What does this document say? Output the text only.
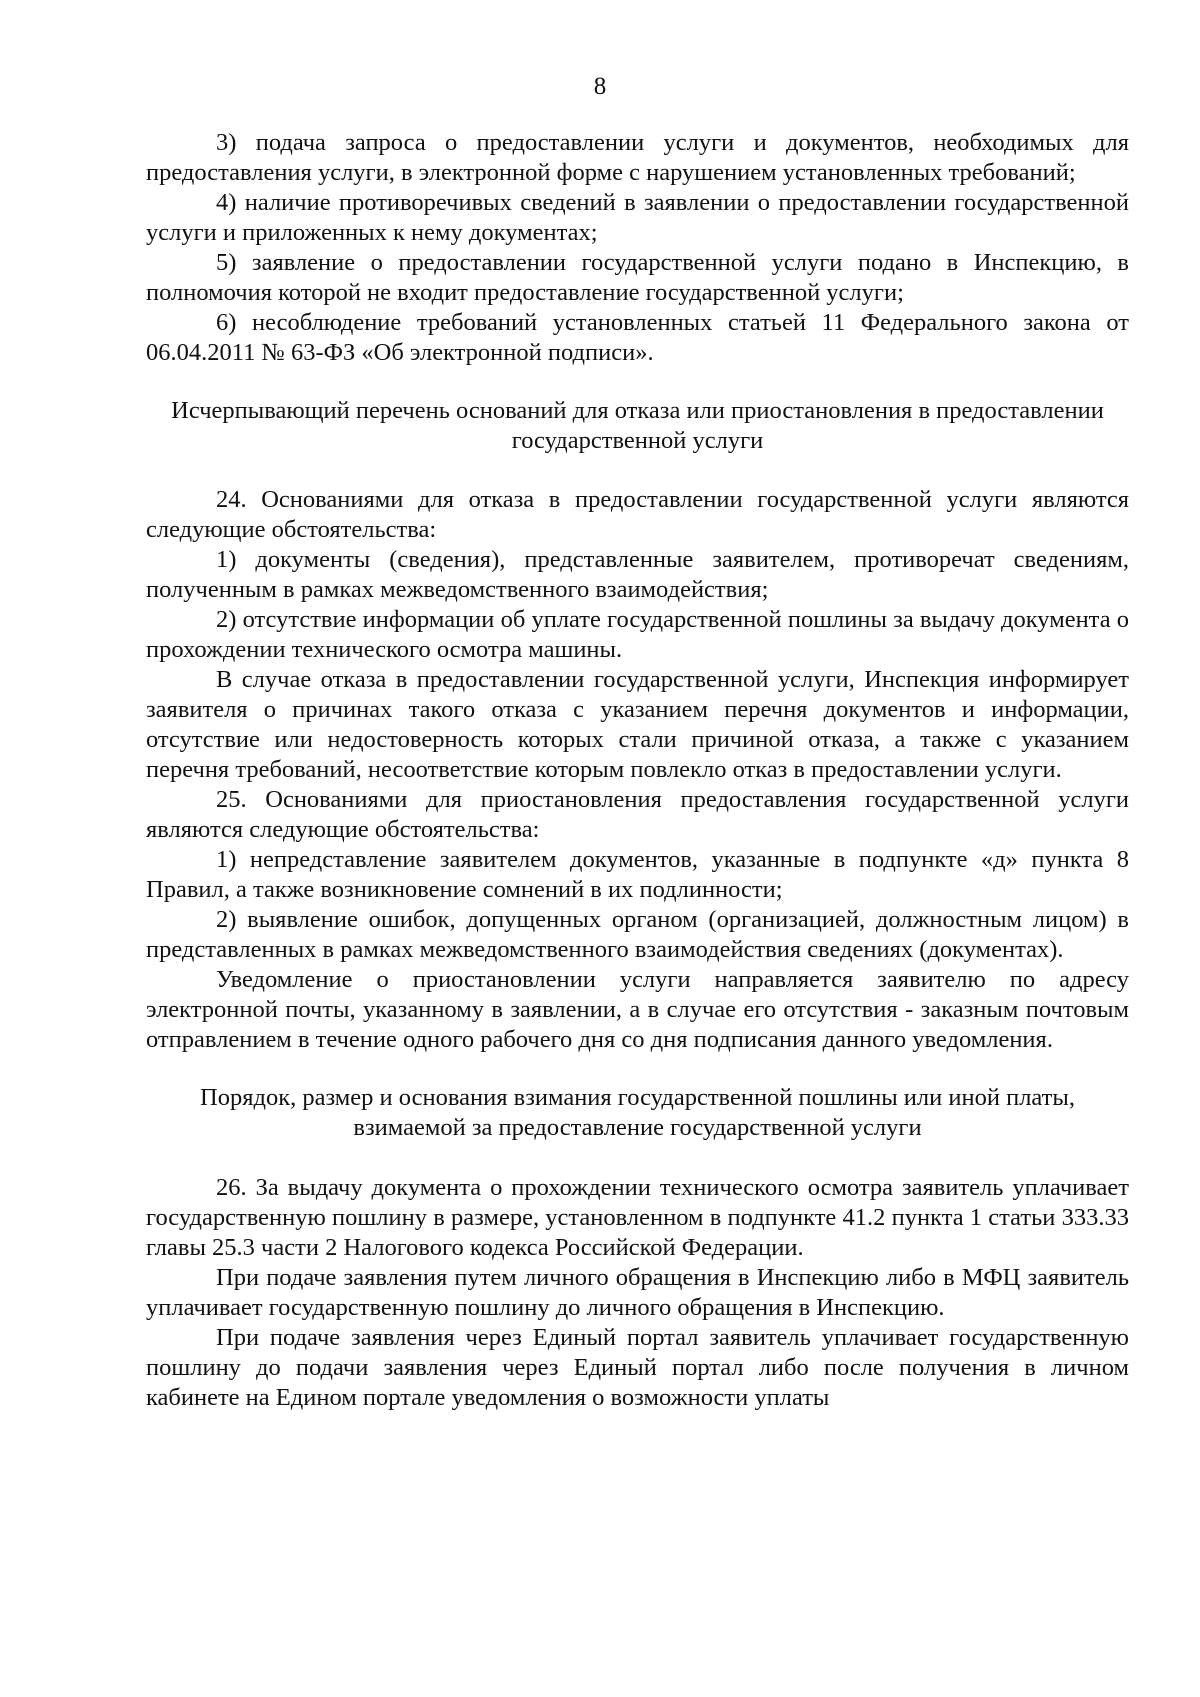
8

3) подача запроса о предоставлении услуги и документов, необходимых для предоставления услуги, в электронной форме с нарушением установленных требований;

4) наличие противоречивых сведений в заявлении о предоставлении государственной услуги и приложенных к нему документах;

5) заявление о предоставлении государственной услуги подано в Инспекцию, в полномочия которой не входит предоставление государственной услуги;

6) несоблюдение требований установленных статьей 11 Федерального закона от 06.04.2011 № 63-ФЗ «Об электронной подписи».

Исчерпывающий перечень оснований для отказа или приостановления в предоставлении государственной услуги

24. Основаниями для отказа в предоставлении государственной услуги являются следующие обстоятельства:

1) документы (сведения), представленные заявителем, противоречат сведениям, полученным в рамках межведомственного взаимодействия;

2) отсутствие информации об уплате государственной пошлины за выдачу документа о прохождении технического осмотра машины.

В случае отказа в предоставлении государственной услуги, Инспекция информирует заявителя о причинах такого отказа с указанием перечня документов и информации, отсутствие или недостоверность которых стали причиной отказа, а также с указанием перечня требований, несоответствие которым повлекло отказ в предоставлении услуги.

25. Основаниями для приостановления предоставления государственной услуги являются следующие обстоятельства:

1) непредставление заявителем документов, указанные в подпункте «д» пункта 8 Правил, а также возникновение сомнений в их подлинности;

2) выявление ошибок, допущенных органом (организацией, должностным лицом) в представленных в рамках межведомственного взаимодействия сведениях (документах).

Уведомление о приостановлении услуги направляется заявителю по адресу электронной почты, указанному в заявлении, а в случае его отсутствия - заказным почтовым отправлением в течение одного рабочего дня со дня подписания данного уведомления.

Порядок, размер и основания взимания государственной пошлины или иной платы, взимаемой за предоставление государственной услуги

26. За выдачу документа о прохождении технического осмотра заявитель уплачивает государственную пошлину в размере, установленном в подпункте 41.2 пункта 1 статьи 333.33 главы 25.3 части 2 Налогового кодекса Российской Федерации.

При подаче заявления путем личного обращения в Инспекцию либо в МФЦ заявитель уплачивает государственную пошлину до личного обращения в Инспекцию.

При подаче заявления через Единый портал заявитель уплачивает государственную пошлину до подачи заявления через Единый портал либо после получения в личном кабинете на Едином портале уведомления о возможности уплаты
